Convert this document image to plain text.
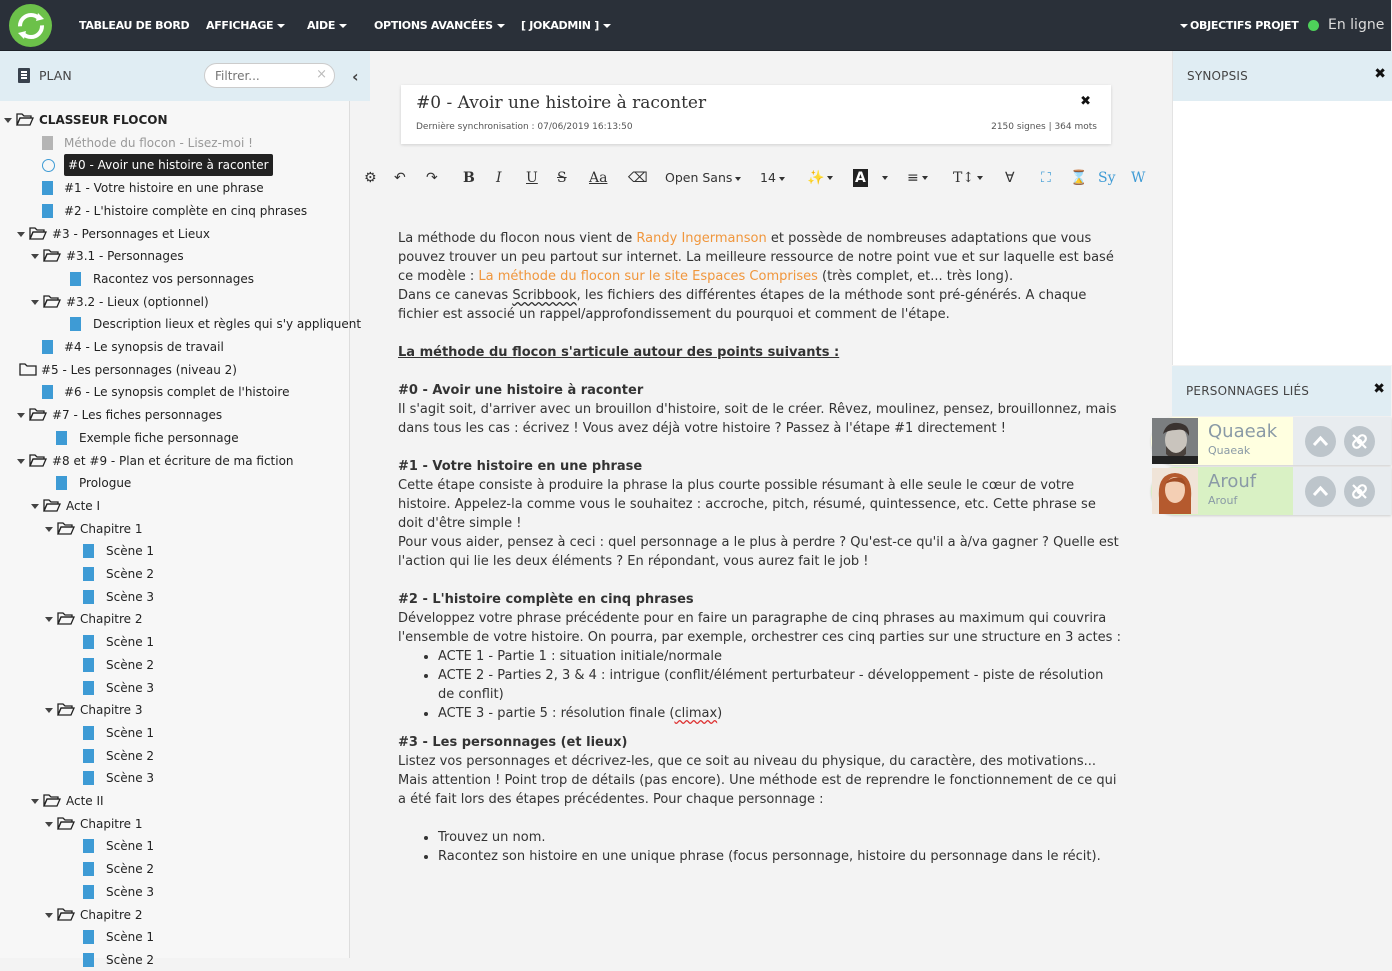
TABLEAU DE BORD AFFICHAGE	AIDE	OPTIONS AVANCÉES	[ JOKADMIN ]	OBJECTIFS PROJET En ligne
PLAN
Filtrer...	× ‹
CLASSEUR FLOCON
Méthode du flocon - Lisez-moi !
#0 - Avoir une histoire à raconter
#1 - Votre histoire en une phrase
#2 - L'histoire complète en cinq phrases
#3 - Personnages et Lieux
#3.1 - Personnages
Racontez vos personnages
#3.2 - Lieux (optionnel)
Description lieux et règles qui s'y appliquent
#4 - Le synopsis de travail
#5 - Les personnages (niveau 2)
#6 - Le synopsis complet de l'histoire
#7 - Les fiches personnages
Exemple fiche personnage
#8 et #9 - Plan et écriture de ma fiction
Prologue
Acte I
Chapitre 1
Scène 1
Scène 2
Scène 3
Chapitre 2
Scène 1
Scène 2
Scène 3
Chapitre 3
Scène 1
Scène 2
Scène 3
Acte II
Chapitre 1
Scène 1
Scène 2
Scène 3
Chapitre 2
Scène 1
Scène 2
#0 - Avoir une histoire à raconter	✖
Dernière synchronisation : 07/06/2019 16:13:50	2150 signes | 364 mots
⚙ ↶ ↷ B I U S Aa ⌫ Open Sans	14	✨	A	≡	T↕	∀ ⛶ ⌛ Sy W

La méthode du flocon nous vient de Randy Ingermanson et possède de nombreuses adaptations que vous pouvez trouver un peu partout sur internet. La meilleure ressource de notre point vue et sur laquelle est basé ce modèle : La méthode du flocon sur le site Espaces Comprises (très complet, et... très long).

Dans ce canevas Scribbook, les fichiers des différentes étapes de la méthode sont pré-générés. A chaque fichier est associé un rappel/approfondissement du pourquoi et comment de l'étape.

La méthode du flocon s'articule autour des points suivants :

#0 - Avoir une histoire à raconter

Il s'agit soit, d'arriver avec un brouillon d'histoire, soit de le créer. Rêvez, moulinez, pensez, brouillonnez, mais dans tous les cas : écrivez ! Vous avez déjà votre histoire ? Passez à l'étape #1 directement !

#1 - Votre histoire en une phrase

Cette étape consiste à produire la phrase la plus courte possible résumant à elle seule le cœur de votre histoire. Appelez-la comme vous le souhaitez : accroche, pitch, résumé, quintessence, etc. Cette phrase se doit d'être simple !

Pour vous aider, pensez à ceci : quel personnage a le plus à perdre ? Qu'est-ce qu'il a à/va gagner ? Quelle est l'action qui lie les deux éléments ? En répondant, vous aurez fait le job !

#2 - L'histoire complète en cinq phrases

Développez votre phrase précédente pour en faire un paragraphe de cinq phrases au maximum qui couvrira l'ensemble de votre histoire. On pourra, par exemple, orchestrer ces cinq parties sur une structure en 3 actes :

• ACTE 1 - Partie 1 : situation initiale/normale
• ACTE 2 - Parties 2, 3 & 4 : intrigue (conflit/élément perturbateur - développement - piste de résolution de conflit)
• ACTE 3 - partie 5 : résolution finale (climax)

#3 - Les personnages (et lieux)

Listez vos personnages et décrivez-les, que ce soit au niveau du physique, du caractère, des motivations... Mais attention ! Point trop de détails (pas encore). Une méthode est de reprendre le fonctionnement de ce qui a été fait lors des étapes précédentes. Pour chaque personnage :

• Trouvez un nom.
• Racontez son histoire en une unique phrase (focus personnage, histoire du personnage dans le récit).
SYNOPSIS	✖
PERSONNAGES LIÉS	✖
Quaeak
Quaeak
Arouf
Arouf
